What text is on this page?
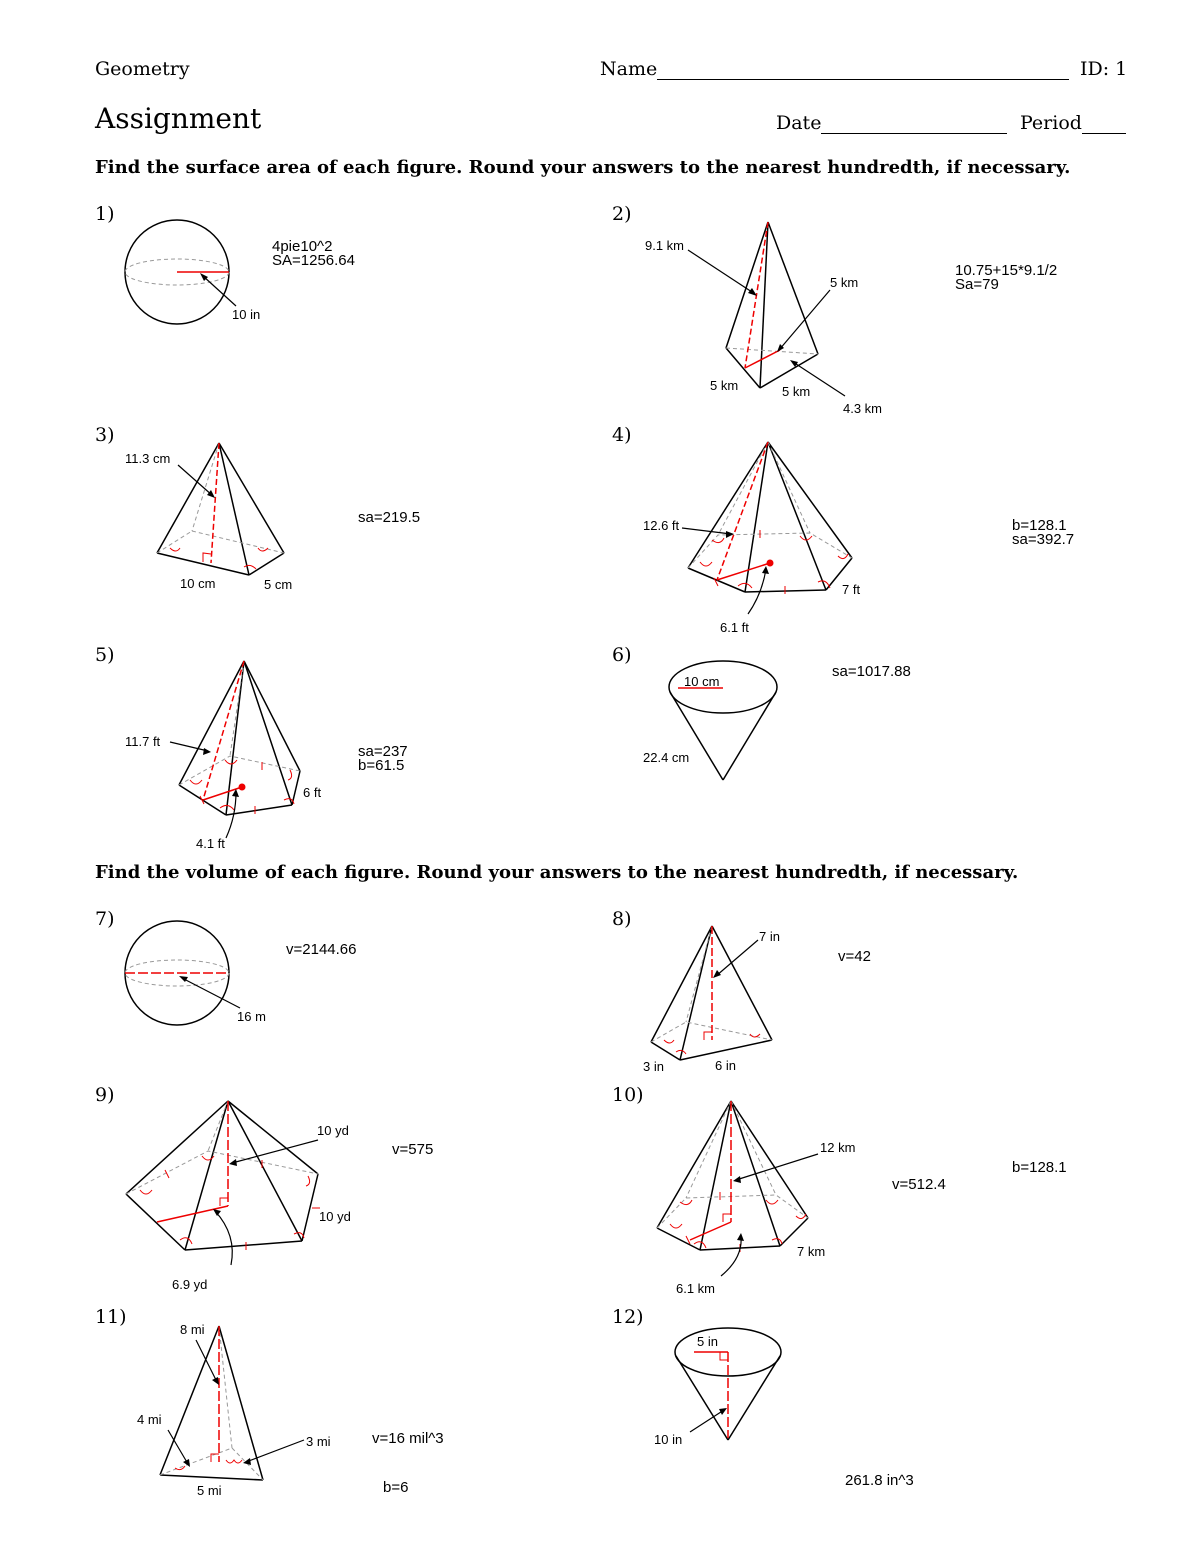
Geometry	Name	ID: 1
Assignment	Date	Period
Find the surface area of each figure. Round your answers to the nearest hundredth, if necessary.
Find the volume of each figure. Round your answers to the nearest hundredth, if necessary.
1)
10 in
4pie10^2
SA=1256.64
2)
9.1 km
5 km
5 km	5 km
4.3 km
10.75+15*9.1/2
Sa=79
3)
11.3 cm
10 cm	5 cm
sa=219.5
4)
12.6 ft
7 ft
6.1 ft
b=128.1
sa=392.7
5)
11.7 ft
6 ft
4.1 ft
sa=237
b=61.5
6)
10 cm
22.4 cm
sa=1017.88
7)
16 m
v=2144.66
8)
7 in
3 in	6 in
v=42
9)
10 yd
10 yd
6.9 yd
v=575
10)
12 km
7 km
6.1 km
v=512.4
b=128.1
11)
8 mi
4 mi
3 mi
5 mi
v=16 mil^3
b=6
12)
5 in
10 in
261.8 in^3
